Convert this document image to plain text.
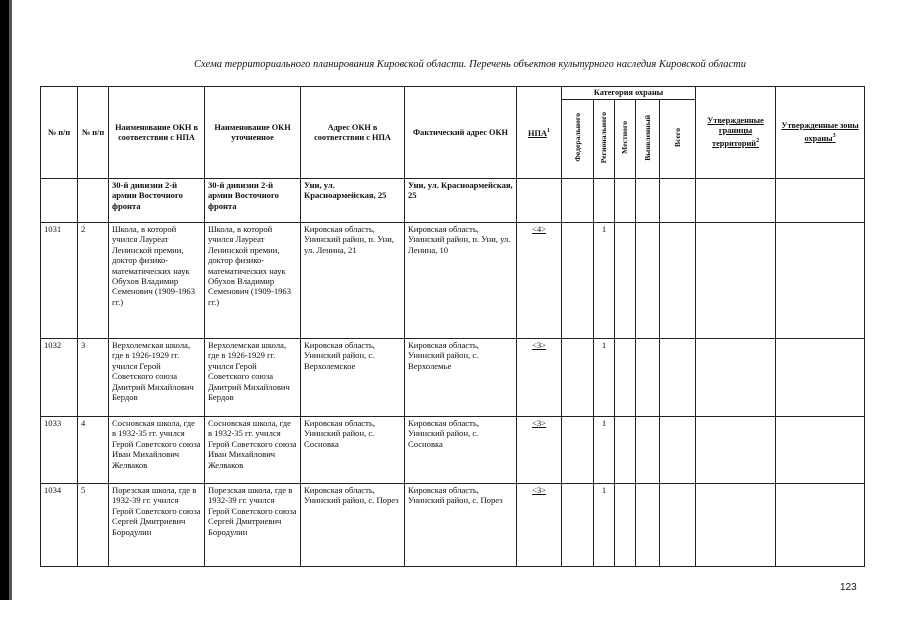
Схема территориального планирования Кировской области. Перечень объектов культурного наследия Кировской области
№ п/п	№ п/п	Наименование ОКН в соответствии с НПА	Наименование ОКН уточненное	Адрес ОКН в соответствии с НПА	Фактический адрес ОКН	НПА$^1$	Категория охраны					Утвержденные границы территорий$^2$	Утвержденные зоны охраны$^3$
							Федерального	Регионального	Местного	Выявленный	Всего		
		30-й дивизии 2-й армии Восточного фронта	30-й дивизии 2-й армии Восточного фронта	Уни, ул. Красноармейская, 25	Уни, ул. Красноармейская, 25								
1031	2	Школа, в которой учился Лауреат Ленинской премии, доктор физико-математических наук Обухов Владимир Семенович (1909-1963 гг.)	Школа, в которой учился Лауреат Ленинской премии, доктор физико-математических наук Обухов Владимир Семенович (1909-1963 гг.)	Кировская область, Унинский район, п. Уни, ул. Ленина, 21	Кировская область, Унинский район, п. Уни, ул. Ленина, 10	<4>		1					
1032	3	Верхолемская школа, где в 1926-1929 гг. учился Герой Советского союза Дмитрий Михайлович Бердов	Верхолемская школа, где в 1926-1929 гг. учился Герой Советского союза Дмитрий Михайлович Бердов	Кировская область, Унинский район, с. Верхолемское	Кировская область, Унинский район, с. Верхолемье	<3>		1					
1033	4	Сосновская школа, где в 1932-35 гг. учился Герой Советского союза Иван Михайлович Желваков	Сосновская школа, где в 1932-35 гг. учился Герой Советского союза Иван Михайлович Желваков	Кировская область, Унинский район, с. Сосновка	Кировская область, Унинский район, с. Сосновка	<3>		1					
1034	5	Порезская школа, где в 1932-39 гг. учился Герой Советского союза Сергей Дмитриевич Бородулин	Порезская школа, где в 1932-39 гг. учился Герой Советского союза Сергей Дмитриевич Бородулин	Кировская область, Унинский район, с. Порез	Кировская область, Унинский район, с. Порез	<3>		1					
123
